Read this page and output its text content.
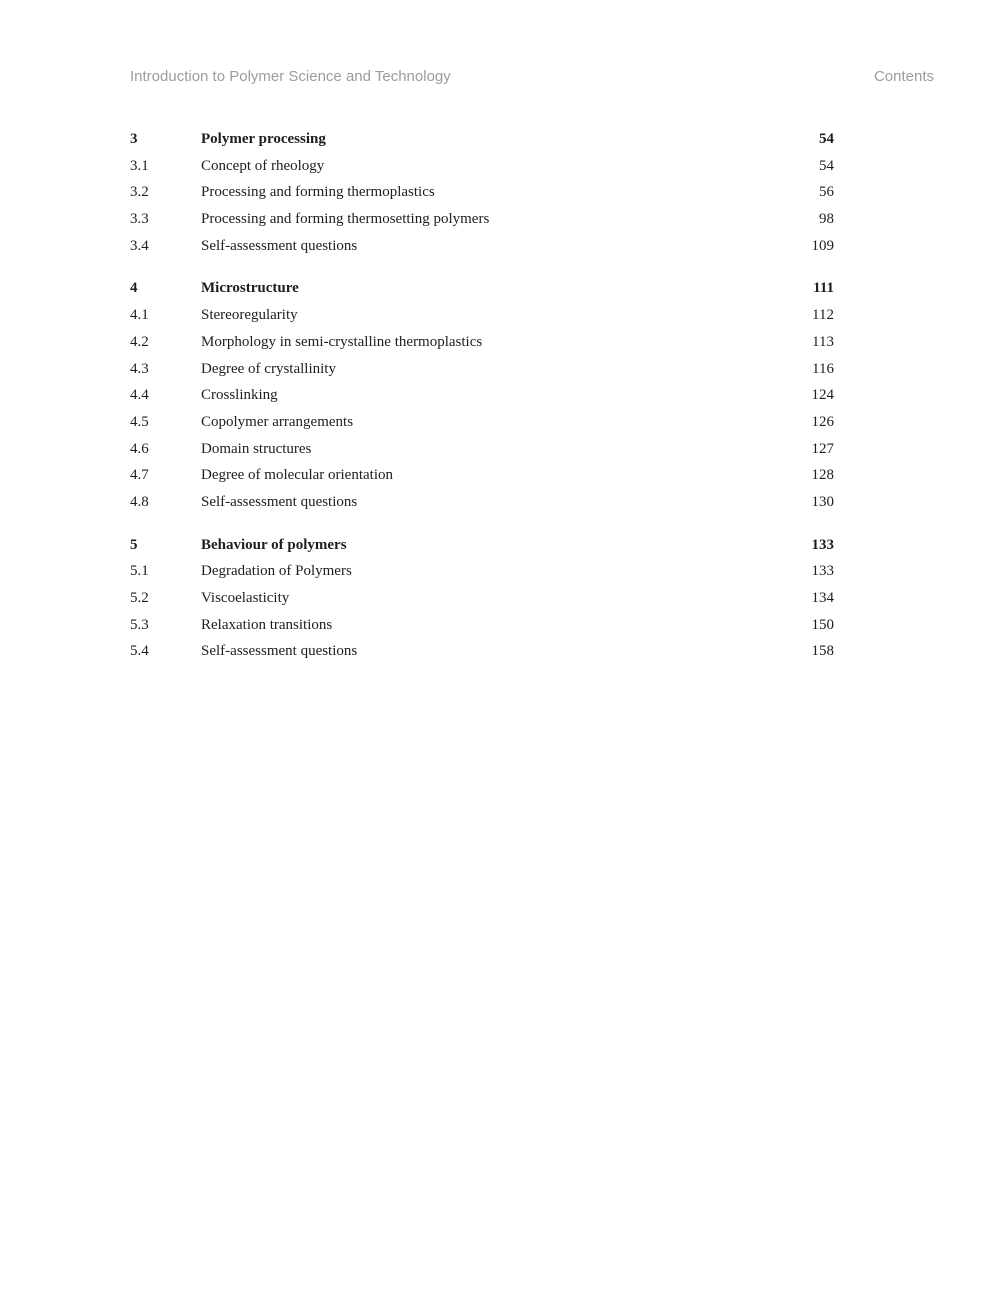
Introduction to Polymer Science and Technology	Contents
3	Polymer processing	54
3.1	Concept of rheology	54
3.2	Processing and forming thermoplastics	56
3.3	Processing and forming thermosetting polymers	98
3.4	Self-assessment questions	109
4	Microstructure	111
4.1	Stereoregularity	112
4.2	Morphology in semi-crystalline thermoplastics	113
4.3	Degree of crystallinity	116
4.4	Crosslinking	124
4.5	Copolymer arrangements	126
4.6	Domain structures	127
4.7	Degree of molecular orientation	128
4.8	Self-assessment questions	130
5	Behaviour of polymers	133
5.1	Degradation of Polymers	133
5.2	Viscoelasticity	134
5.3	Relaxation transitions	150
5.4	Self-assessment questions	158
